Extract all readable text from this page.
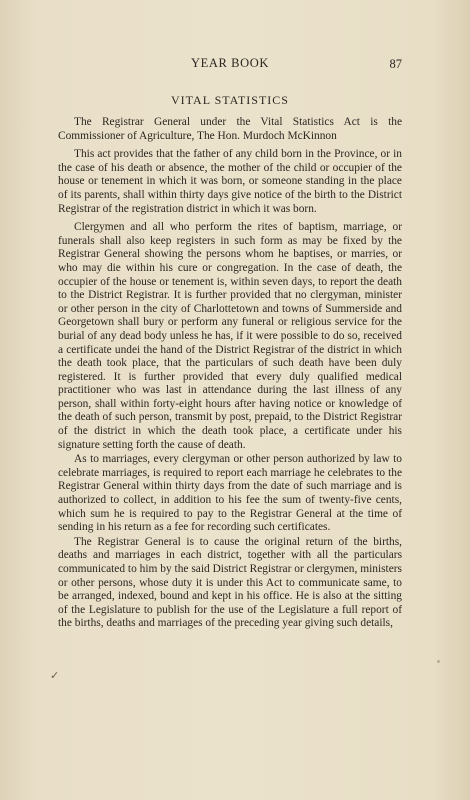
YEAR BOOK	87
VITAL STATISTICS

The Registrar General under the Vital Statistics Act is the Commissioner of Agriculture, The Hon. Murdoch McKinnon

This act provides that the father of any child born in the Province, or in the case of his death or absence, the mother of the child or occupier of the house or tenement in which it was born, or someone standing in the place of its parents, shall within thirty days give notice of the birth to the District Registrar of the registration district in which it was born.

Clergymen and all who perform the rites of baptism, marriage, or funerals shall also keep registers in such form as may be fixed by the Registrar General showing the persons whom he baptises, or marries, or who may die within his cure or congregation. In the case of death, the occupier of the house or tenement is, within seven days, to report the death to the District Registrar. It is further provided that no clergyman, minister or other person in the city of Charlottetown and towns of Summerside and Georgetown shall bury or perform any funeral or religious service for the burial of any dead body unless he has, if it were possible to do so, received a certificate undei the hand of the District Registrar of the district in which the death took place, that the particulars of such death have been duly registered. It is further provided that every duly qualified medical practitioner who was last in attendance during the last illness of any person, shall within forty-eight hours after having notice or knowledge of the death of such person, transmit by post, prepaid, to the District Registrar of the district in which the death took place, a certificate under his signature setting forth the cause of death.

As to marriages, every clergyman or other person authorized by law to celebrate marriages, is required to report each marriage he celebrates to the Registrar General within thirty days from the date of such marriage and is authorized to collect, in addition to his fee the sum of twenty-five cents, which sum he is required to pay to the Registrar General at the time of sending in his return as a fee for recording such certificates.

The Registrar General is to cause the original return of the births, deaths and marriages in each district, together with all the particulars communicated to him by the said District Registrar or clergymen, ministers or other persons, whose duty it is under this Act to communicate same, to be arranged, indexed, bound and kept in his office. He is also at the sitting of the Legislature to publish for the use of the Legislature a full report of the births, deaths and marriages of the preceding year giving such details,

✓
